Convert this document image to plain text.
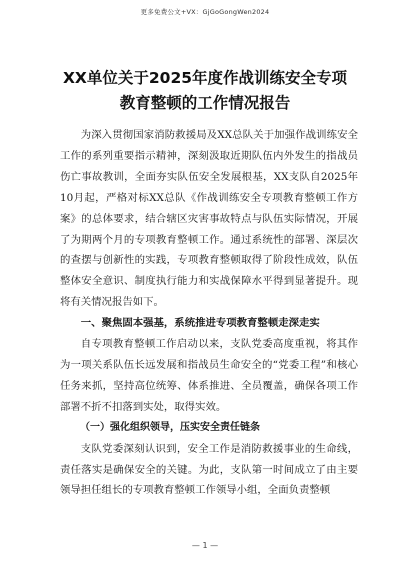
更多免费公文+VX：GjGoGongWen2024
XX单位关于2025年度作战训练安全专项
教育整顿的工作情况报告

为深入贯彻国家消防救援局及XX总队关于加强作战训练安全工作的系列重要指示精神，深刻汲取近期队伍内外发生的指战员伤亡事故教训，全面夯实队伍安全发展根基，XX支队自2025年10月起，严格对标XX总队《作战训练安全专项教育整顿工作方案》的总体要求，结合辖区灾害事故特点与队伍实际情况，开展了为期两个月的专项教育整顿工作。通过系统性的部署、深层次的查摆与创新性的实践，专项教育整顿取得了阶段性成效，队伍整体安全意识、制度执行能力和实战保障水平得到显著提升。现将有关情况报告如下。

一、聚焦固本强基，系统推进专项教育整顿走深走实

自专项教育整顿工作启动以来，支队党委高度重视，将其作为一项关系队伍长远发展和指战员生命安全的“党委工程”和核心任务来抓，坚持高位统筹、体系推进、全员覆盖，确保各项工作部署不折不扣落到实处，取得实效。

（一）强化组织领导，压实安全责任链条

支队党委深刻认识到，安全工作是消防救援事业的生命线，责任落实是确保安全的关键。为此，支队第一时间成立了由主要领导担任组长的专项教育整顿工作领导小组，全面负责整顿

— 1 —
